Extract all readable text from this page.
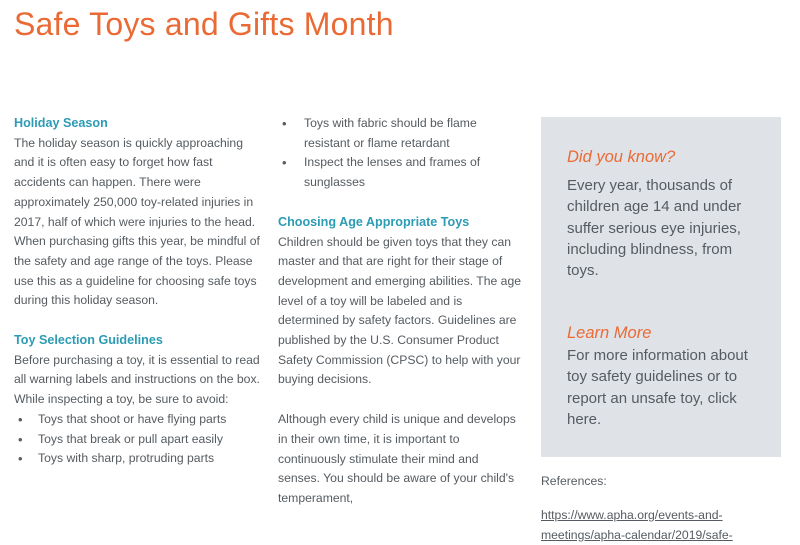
Safe Toys and Gifts Month
Holiday Season

The holiday season is quickly approaching and it is often easy to forget how fast accidents can happen. There were approximately 250,000 toy-related injuries in 2017, half of which were injuries to the head. When purchasing gifts this year, be mindful of the safety and age range of the toys. Please use this as a guideline for choosing safe toys during this holiday season.

Toy Selection Guidelines

Before purchasing a toy, it is essential to read all warning labels and instructions on the box. While inspecting a toy, be sure to avoid:

• Toys that shoot or have flying parts
• Toys that break or pull apart easily
• Toys with sharp, protruding parts
• Toys with fabric should be flame resistant or flame retardant
• Inspect the lenses and frames of sunglasses
Choosing Age Appropriate Toys

Children should be given toys that they can master and that are right for their stage of development and emerging abilities. The age level of a toy will be labeled and is determined by safety factors. Guidelines are published by the U.S. Consumer Product Safety Commission (CPSC) to help with your buying decisions.

Although every child is unique and develops in their own time, it is important to continuously stimulate their mind and senses. You should be aware of your child's temperament,

Did you know?
Every year, thousands of children age 14 and under suffer serious eye injuries, including blindness, from toys.
Learn More
For more information about toy safety guidelines or to report an unsafe toy, click here.
References:
https://www.apha.org/events-and-
meetings/apha-calendar/2019/safe-
